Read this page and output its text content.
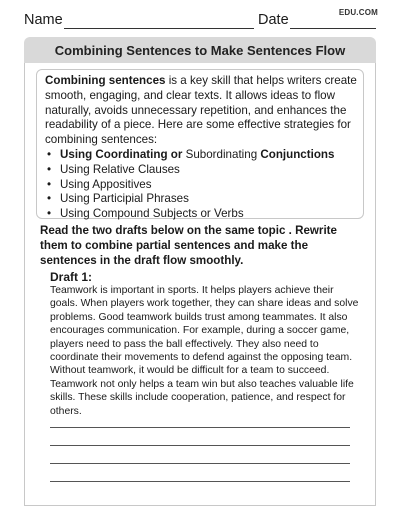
Name	Date	EDU.COM
Combining Sentences to Make Sentences Flow

Combining sentences is a key skill that helps writers create smooth, engaging, and clear texts. It allows ideas to flow naturally, avoids unnecessary repetition, and enhances the readability of a piece. Here are some effective strategies for combining sentences:

• Using Coordinating or Subordinating Conjunctions
• Using Relative Clauses
• Using Appositives
• Using Participial Phrases
• Using Compound Subjects or Verbs
Read the two drafts below on the same topic . Rewrite them to combine partial sentences and make the sentences in the draft flow smoothly.
Draft 1:
Teamwork is important in sports. It helps players achieve their goals. When players work together, they can share ideas and solve problems. Good teamwork builds trust among teammates. It also encourages communication. For example, during a soccer game, players need to pass the ball effectively. They also need to coordinate their movements to defend against the opposing team. Without teamwork, it would be difficult for a team to succeed. Teamwork not only helps a team win but also teaches valuable life skills. These skills include cooperation, patience, and respect for others.
